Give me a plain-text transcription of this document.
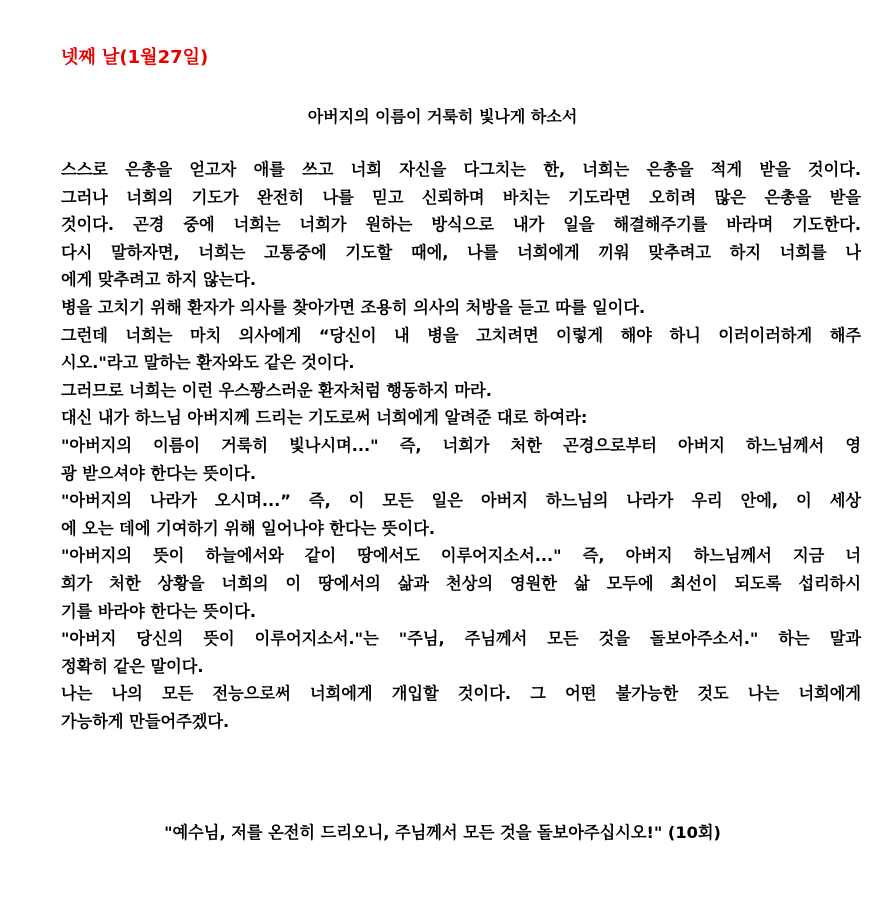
넷째 날(1월27일)
아버지의 이름이 거룩히 빛나게 하소서
스스로 은총을 얻고자 애를 쓰고 너희 자신을 다그치는 한, 너희는 은총을 적게 받을 것이다.
그러나 너희의 기도가 완전히 나를 믿고 신뢰하며 바치는 기도라면 오히려 많은 은총을 받을
것이다. 곤경 중에 너희는 너희가 원하는 방식으로 내가 일을 해결해주기를 바라며 기도한다.
다시 말하자면, 너희는 고통중에 기도할 때에, 나를 너희에게 끼워 맞추려고 하지 너희를 나
에게 맞추려고 하지 않는다.
병을 고치기 위해 환자가 의사를 찾아가면 조용히 의사의 처방을 듣고 따를 일이다.
그런데 너희는 마치 의사에게 “당신이 내 병을 고치려면 이렇게 해야 하니 이러이러하게 해주
시오."라고 말하는 환자와도 같은 것이다.
그러므로 너희는 이런 우스꽝스러운 환자처럼 행동하지 마라.
대신 내가 하느님 아버지께 드리는 기도로써 너희에게 알려준 대로 하여라:
"아버지의 이름이 거룩히 빛나시며..." 즉, 너희가 처한 곤경으로부터 아버지 하느님께서 영
광 받으셔야 한다는 뜻이다.
"아버지의 나라가 오시며...” 즉, 이 모든 일은 아버지 하느님의 나라가 우리 안에, 이 세상
에 오는 데에 기여하기 위해 일어나야 한다는 뜻이다.
"아버지의 뜻이 하늘에서와 같이 땅에서도 이루어지소서..." 즉, 아버지 하느님께서 지금 너
희가 처한 상황을 너희의 이 땅에서의 삶과 천상의 영원한 삶 모두에 최선이 되도록 섭리하시
기를 바라야 한다는 뜻이다.
"아버지 당신의 뜻이 이루어지소서."는 "주님, 주님께서 모든 것을 돌보아주소서." 하는 말과
정확히 같은 말이다.
나는 나의 모든 전능으로써 너희에게 개입할 것이다. 그 어떤 불가능한 것도 나는 너희에게
가능하게 만들어주겠다.
"예수님, 저를 온전히 드리오니, 주님께서 모든 것을 돌보아주십시오!" (10회)
